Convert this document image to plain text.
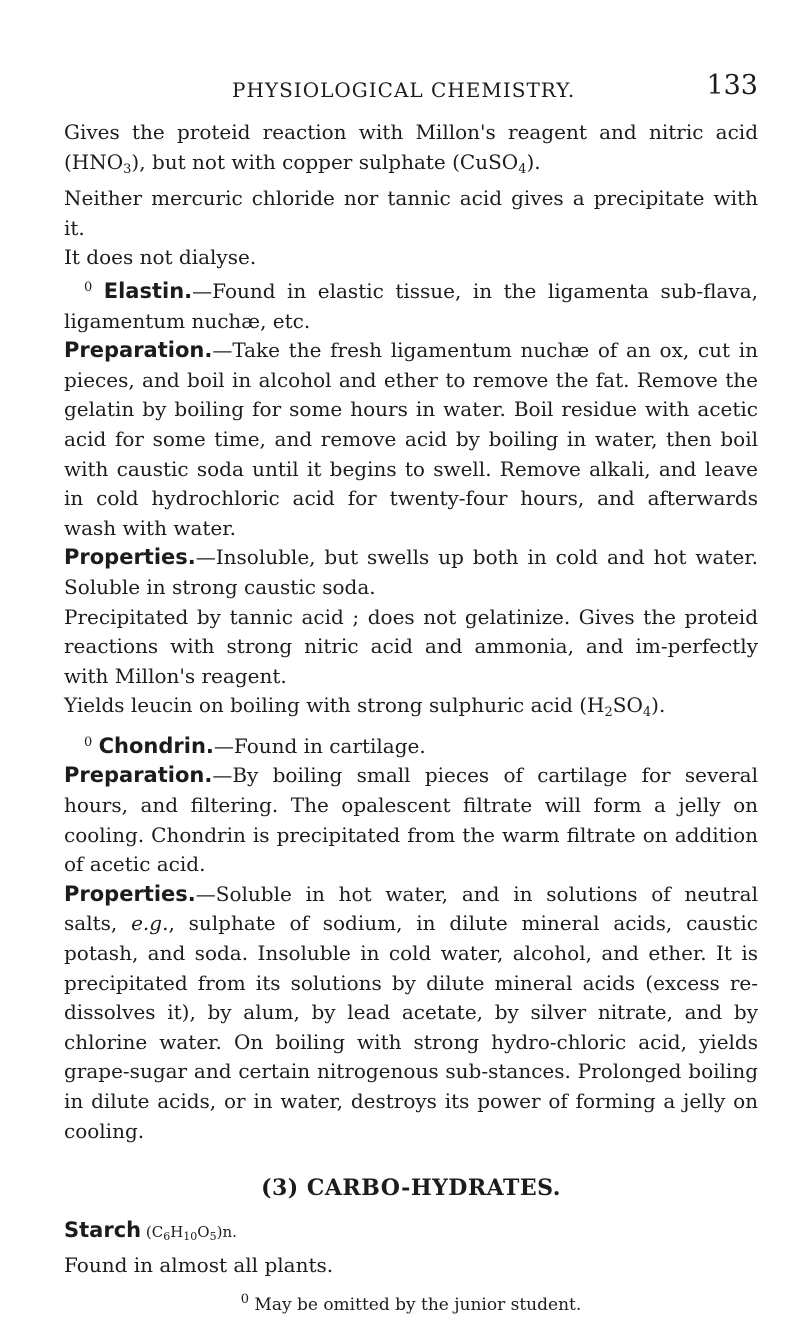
PHYSIOLOGICAL CHEMISTRY.	133

Gives the proteid reaction with Millon's reagent and nitric acid $(HNO_3)$, but not with copper sulphate (CuSO$_4$).

Neither mercuric chloride nor tannic acid gives a precipitate with it.

It does not dialyse.

$^0$ Elastin.—Found in elastic tissue, in the ligamenta sub-flava, ligamentum nuchæ, etc.

Preparation.—Take the fresh ligamentum nuchæ of an ox, cut in pieces, and boil in alcohol and ether to remove the fat. Remove the gelatin by boiling for some hours in water. Boil residue with acetic acid for some time, and remove acid by boiling in water, then boil with caustic soda until it begins to swell. Remove alkali, and leave in cold hydrochloric acid for twenty-four hours, and afterwards wash with water.

Properties.—Insoluble, but swells up both in cold and hot water. Soluble in strong caustic soda.

Precipitated by tannic acid ; does not gelatinize. Gives the proteid reactions with strong nitric acid and ammonia, and im-perfectly with Millon's reagent.

Yields leucin on boiling with strong sulphuric acid $(H_2SO_4)$.

$^0$ Chondrin.—Found in cartilage.

Preparation.—By boiling small pieces of cartilage for several hours, and filtering. The opalescent filtrate will form a jelly on cooling. Chondrin is precipitated from the warm filtrate on addition of acetic acid.

Properties.—Soluble in hot water, and in solutions of neutral salts, e.g., sulphate of sodium, in dilute mineral acids, caustic potash, and soda. Insoluble in cold water, alcohol, and ether. It is precipitated from its solutions by dilute mineral acids (excess re-dissolves it), by alum, by lead acetate, by silver nitrate, and by chlorine water. On boiling with strong hydro-chloric acid, yields grape-sugar and certain nitrogenous sub-stances. Prolonged boiling in dilute acids, or in water, destroys its power of forming a jelly on cooling.

(3) CARBO-HYDRATES.

Starch $(C_6H_{10}O_5)n$.

Found in almost all plants.

$^0$ May be omitted by the junior student.
